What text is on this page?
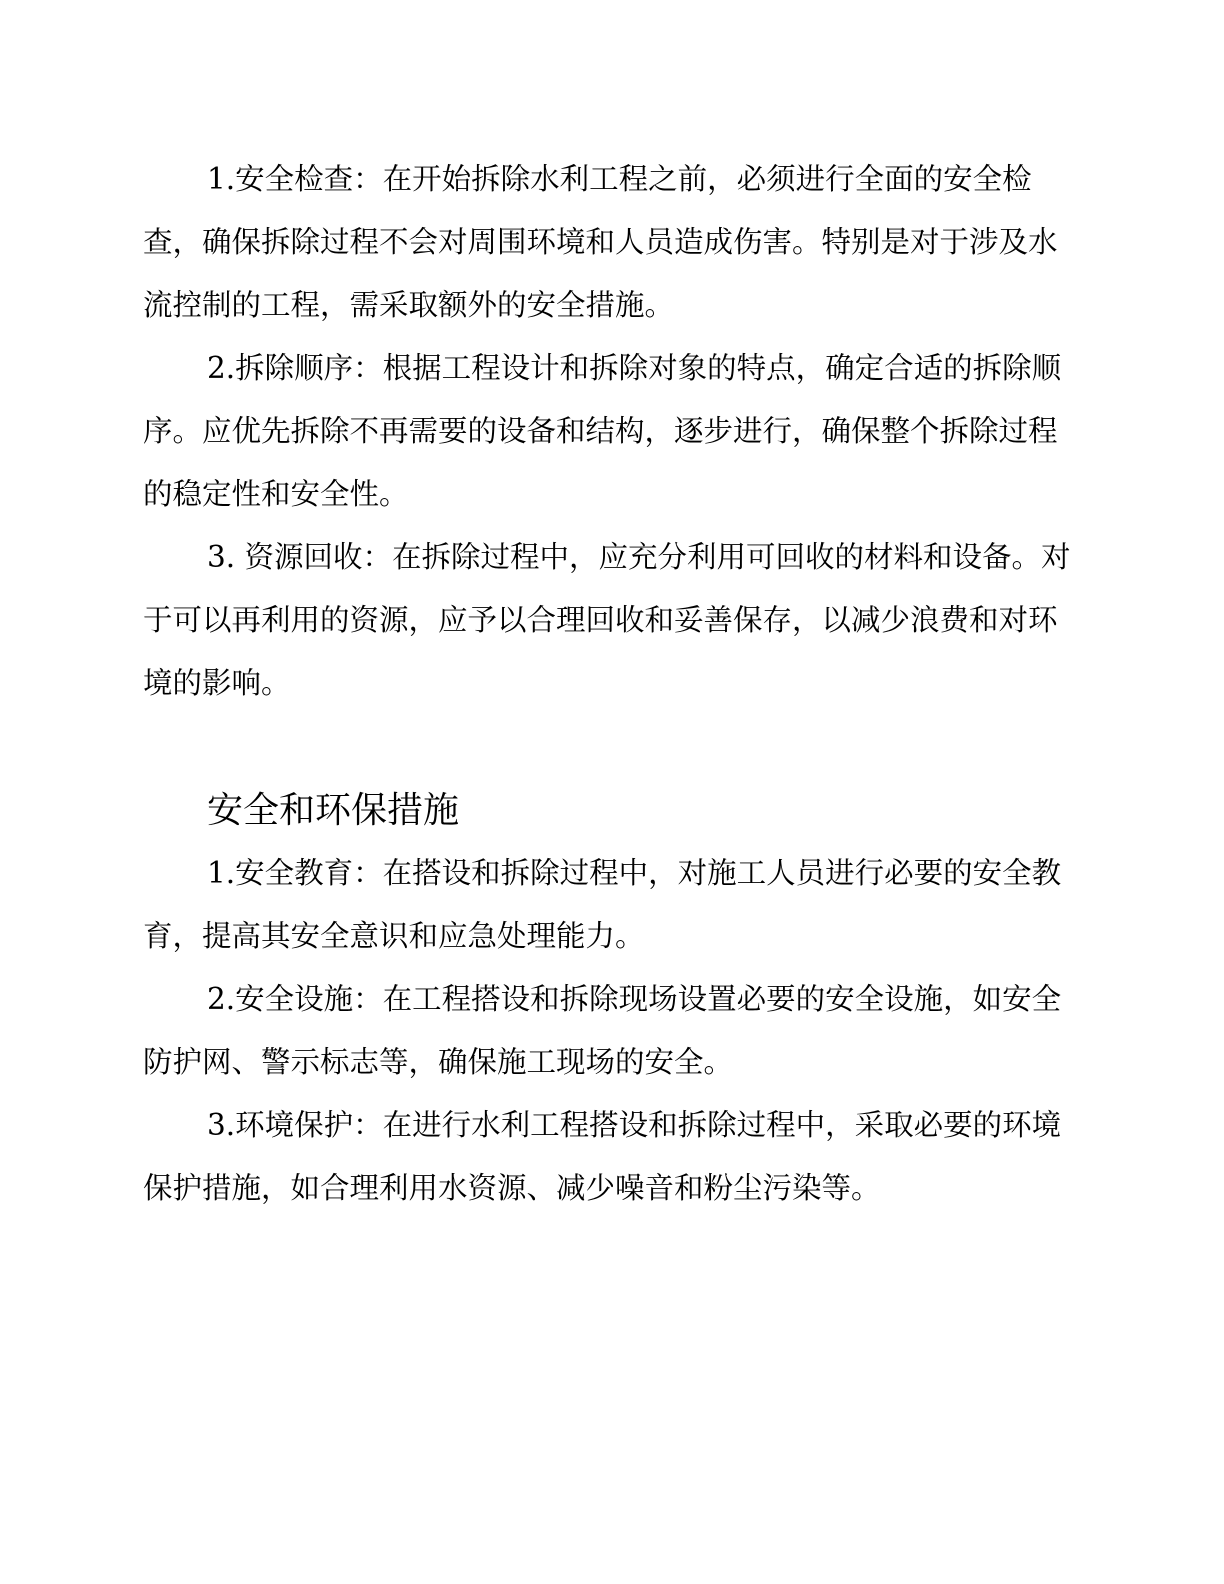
1.安全检查：在开始拆除水利工程之前，必须进行全面的安全检查，确保拆除过程不会对周围环境和人员造成伤害。特别是对于涉及水流控制的工程，需采取额外的安全措施。

2.拆除顺序：根据工程设计和拆除对象的特点，确定合适的拆除顺序。应优先拆除不再需要的设备和结构，逐步进行，确保整个拆除过程的稳定性和安全性。

3. 资源回收：在拆除过程中，应充分利用可回收的材料和设备。对于可以再利用的资源，应予以合理回收和妥善保存，以减少浪费和对环境的影响。

安全和环保措施

1.安全教育：在搭设和拆除过程中，对施工人员进行必要的安全教育，提高其安全意识和应急处理能力。

2.安全设施：在工程搭设和拆除现场设置必要的安全设施，如安全防护网、警示标志等，确保施工现场的安全。

3.环境保护：在进行水利工程搭设和拆除过程中，采取必要的环境保护措施，如合理利用水资源、减少噪音和粉尘污染等。
